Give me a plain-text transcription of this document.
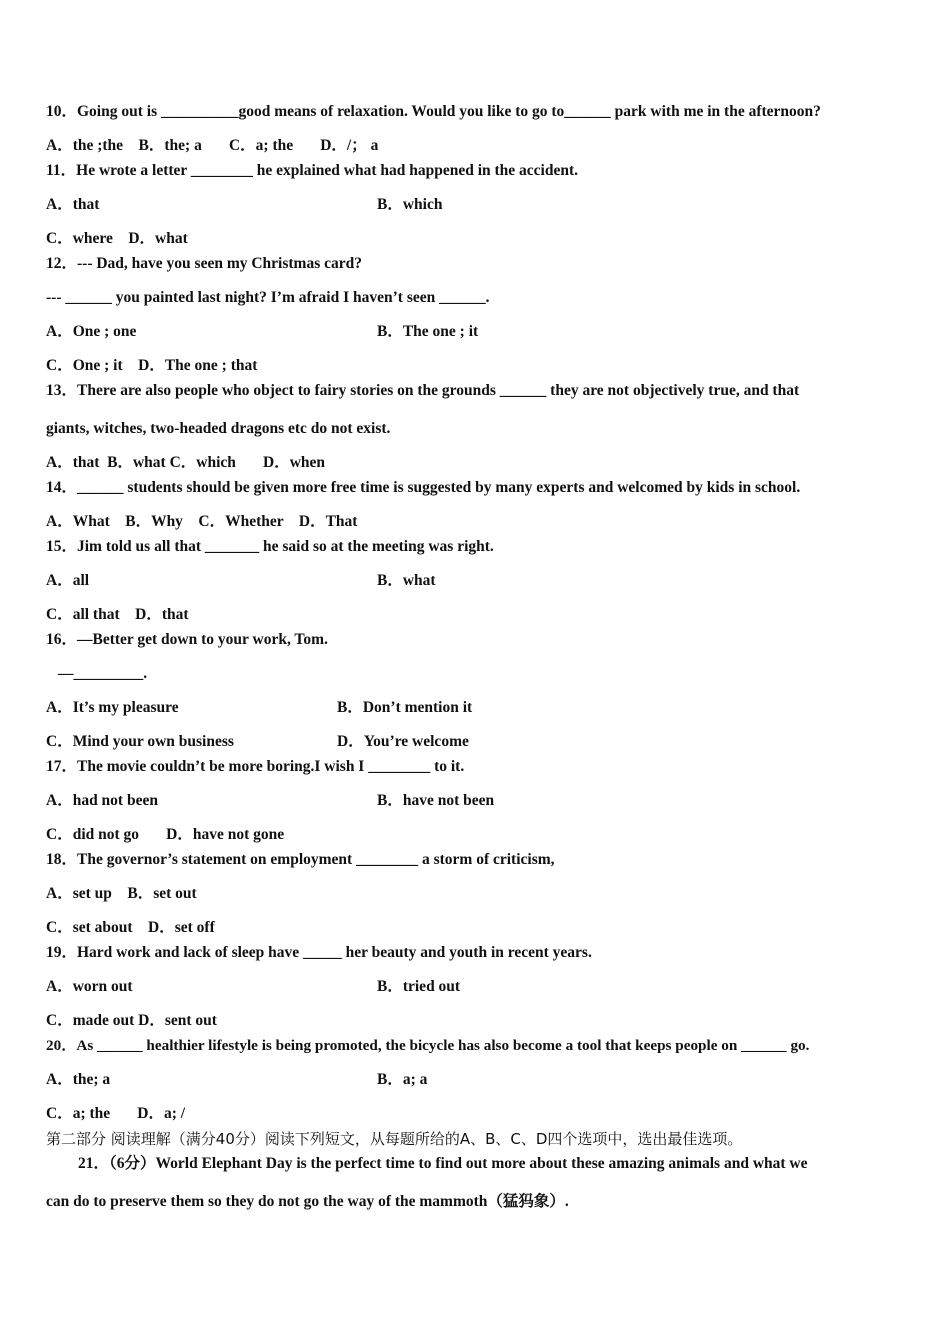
10．Going out is __________good means of relaxation. Would you like to go to______ park with me in the afternoon?
A．the ;the    B．the; a       C．a; the       D．/； a
11．He wrote a letter ________ he explained what had happened in the accident.
A．that	B．which
C．where    D．what
12．--- Dad, have you seen my Christmas card?
--- ______ you painted last night? I’m afraid I haven’t seen ______.
A．One ; one	B．The one ; it
C．One ; it    D．The one ; that
13．There are also people who object to fairy stories on the grounds ______ they are not objectively true, and that
giants, witches, two-headed dragons etc do not exist.
A．that  B．what C．which       D．when
14．______ students should be given more free time is suggested by many experts and welcomed by kids in school.
A．What    B．Why    C．Whether    D．That
15．Jim told us all that _______ he said so at the meeting was right.
A．all	B．what
C．all that    D．that
16．—Better get down to your work, Tom.
—_________.
A．It’s my pleasure	B．Don’t mention it
C．Mind your own business	D．You’re welcome
17．The movie couldn’t be more boring.I wish I ________ to it.
A．had not been	B．have not been
C．did not go       D．have not gone
18．The governor’s statement on employment ________ a storm of criticism,
A．set up    B．set out
C．set about    D．set off
19．Hard work and lack of sleep have _____ her beauty and youth in recent years.
A．worn out	B．tried out
C．made out D．sent out
20．As ______ healthier lifestyle is being promoted, the bicycle has also become a tool that keeps people on ______ go.
A．the; a	B．a; a
C．a; the       D．a; /
第二部分 阅读理解（满分40分）阅读下列短文，从每题所给的A、B、C、D四个选项中，选出最佳选项。
21．（6分）World Elephant Day is the perfect time to find out more about these amazing animals and what we
can do to preserve them so they do not go the way of the mammoth（猛犸象）.
